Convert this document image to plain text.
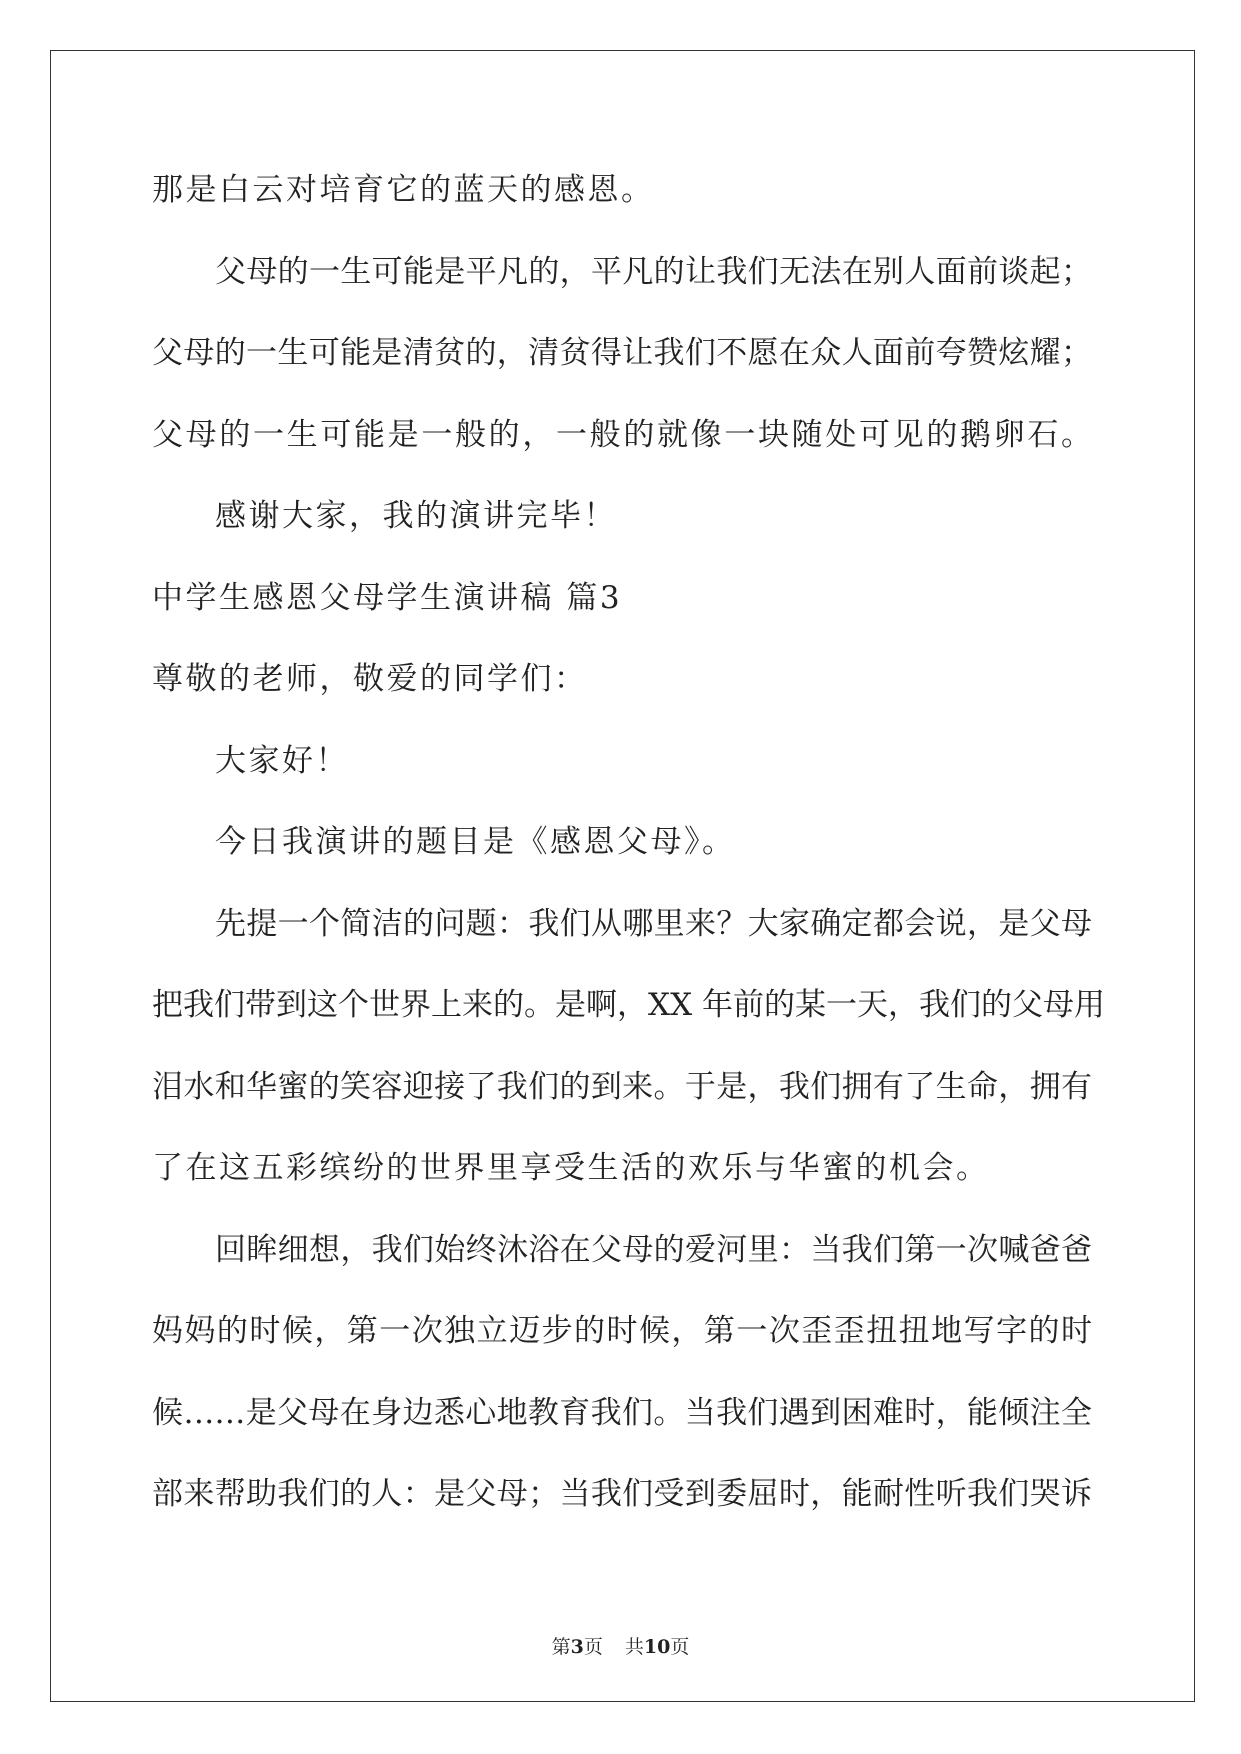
那是白云对培育它的蓝天的感恩。
父母的一生可能是平凡的，平凡的让我们无法在别人面前谈起；
父母的一生可能是清贫的，清贫得让我们不愿在众人面前夸赞炫耀；
父母的一生可能是一般的，一般的就像一块随处可见的鹅卵石。
感谢大家，我的演讲完毕！
中学生感恩父母学生演讲稿 篇3
尊敬的老师，敬爱的同学们：
大家好！
今日我演讲的题目是《感恩父母》。
先提一个简洁的问题：我们从哪里来？大家确定都会说，是父母
把我们带到这个世界上来的。是啊，XX 年前的某一天，我们的父母用
泪水和华蜜的笑容迎接了我们的到来。于是，我们拥有了生命，拥有
了在这五彩缤纷的世界里享受生活的欢乐与华蜜的机会。
回眸细想，我们始终沐浴在父母的爱河里：当我们第一次喊爸爸
妈妈的时候，第一次独立迈步的时候，第一次歪歪扭扭地写字的时
候……是父母在身边悉心地教育我们。当我们遇到困难时，能倾注全
部来帮助我们的人：是父母；当我们受到委屈时，能耐性听我们哭诉
第3页 共10页
